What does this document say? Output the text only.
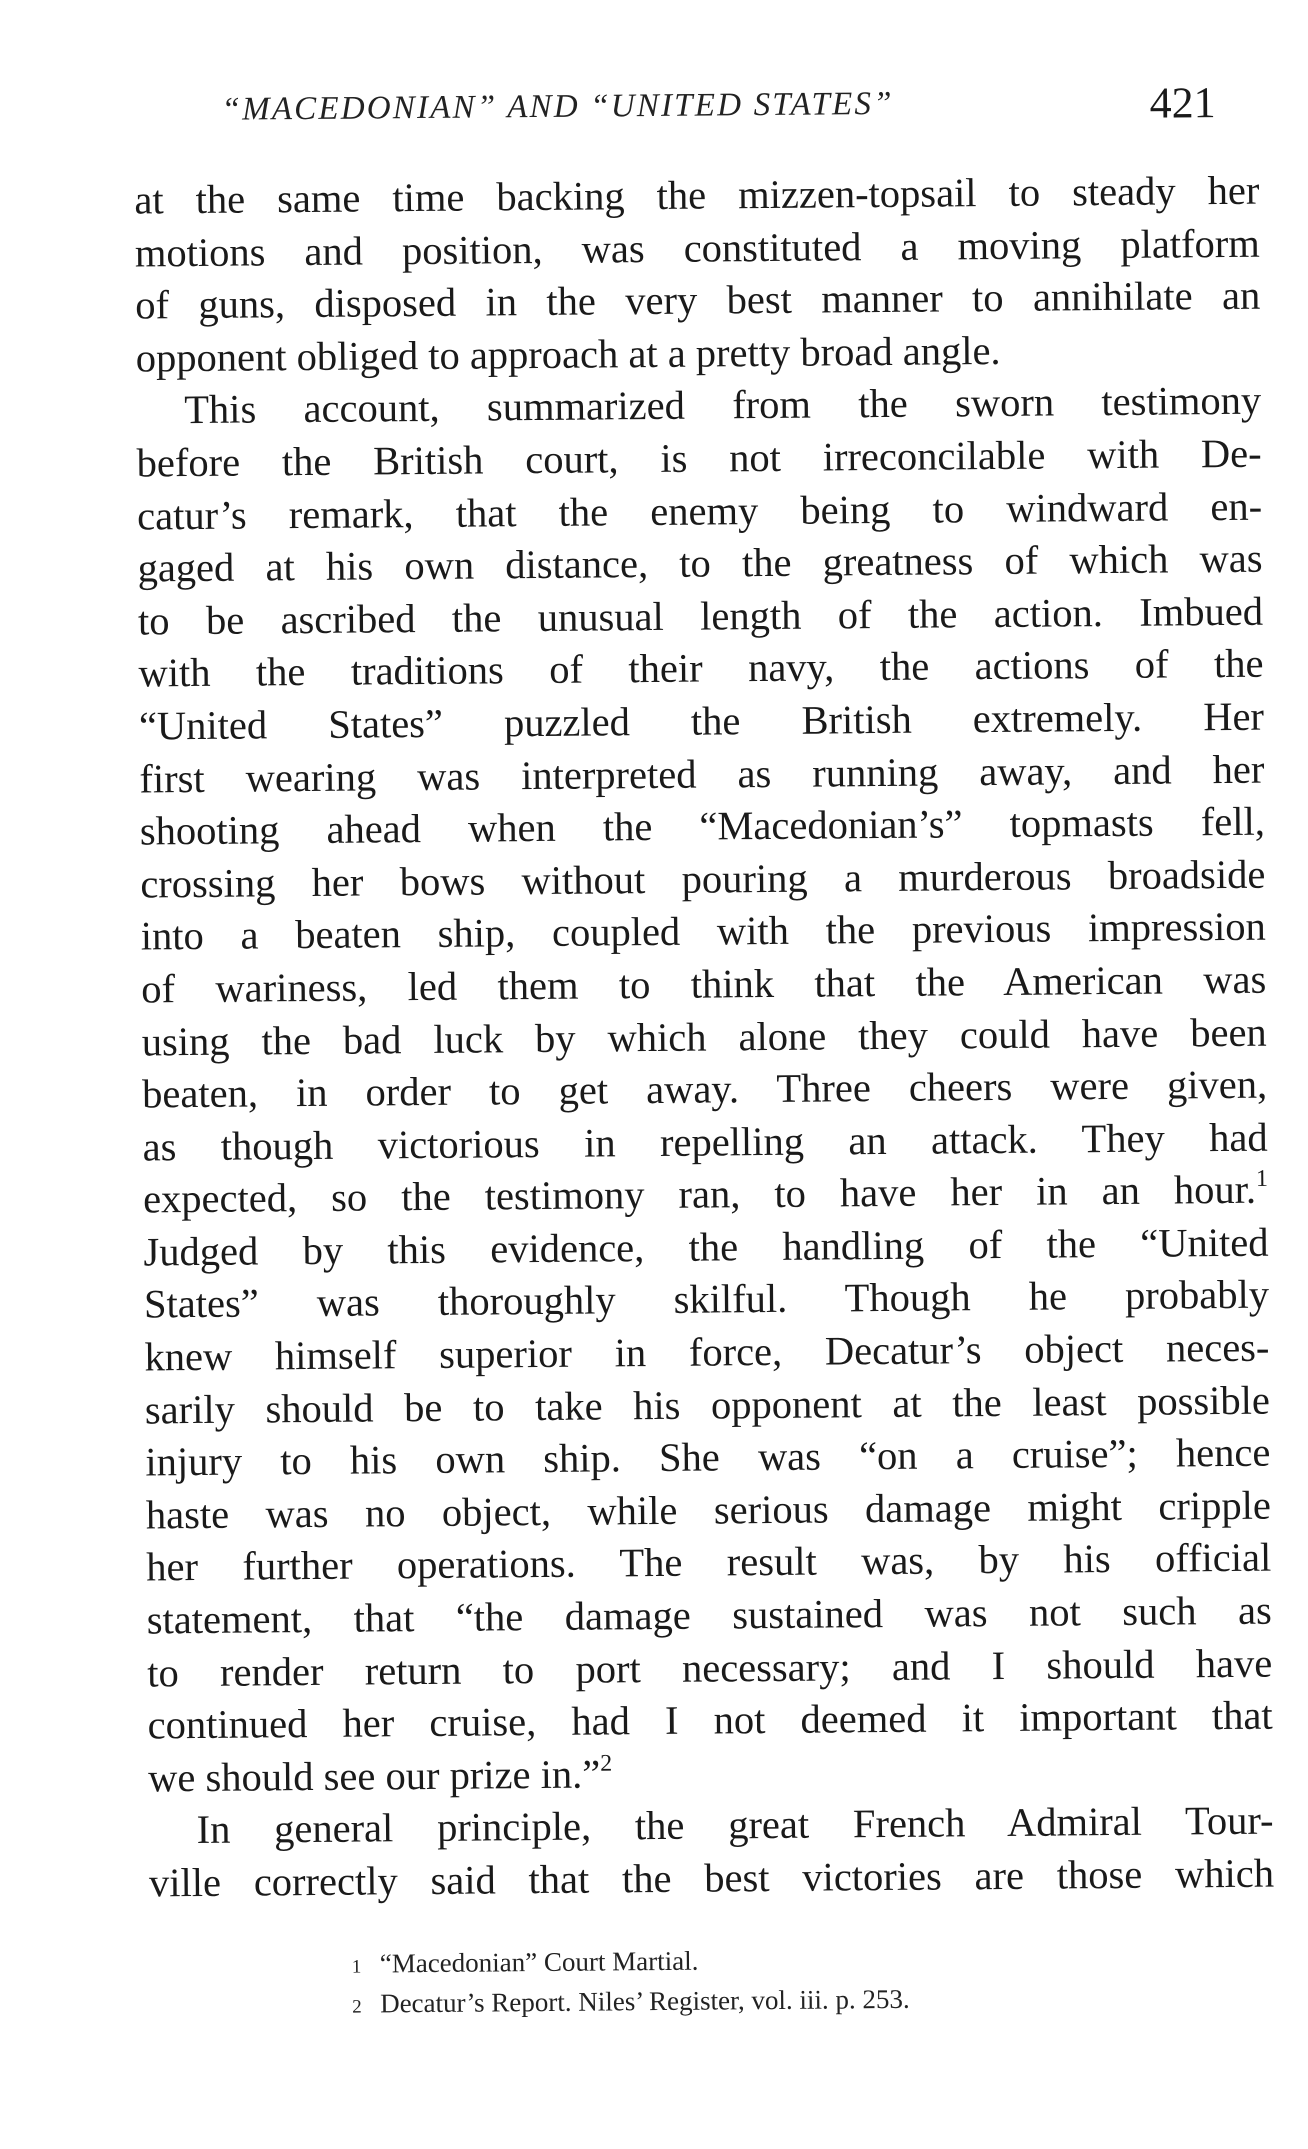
“MACEDONIAN” AND “UNITED STATES”	421
at the same time backing the mizzen-topsail to steady her
motions and position, was constituted a moving platform
of guns, disposed in the very best manner to annihilate an
opponent obliged to approach at a pretty broad angle.
This account, summarized from the sworn testimony
before the British court, is not irreconcilable with De-
catur’s remark, that the enemy being to windward en-
gaged at his own distance, to the greatness of which was
to be ascribed the unusual length of the action. Imbued
with the traditions of their navy, the actions of the
“United States” puzzled the British extremely. Her
first wearing was interpreted as running away, and her
shooting ahead when the “Macedonian’s” topmasts fell,
crossing her bows without pouring a murderous broadside
into a beaten ship, coupled with the previous impression
of wariness, led them to think that the American was
using the bad luck by which alone they could have been
beaten, in order to get away. Three cheers were given,
as though victorious in repelling an attack. They had
expected, so the testimony ran, to have her in an hour.$^1$
Judged by this evidence, the handling of the “United
States” was thoroughly skilful. Though he probably
knew himself superior in force, Decatur’s object neces-
sarily should be to take his opponent at the least possible
injury to his own ship. She was “on a cruise”; hence
haste was no object, while serious damage might cripple
her further operations. The result was, by his official
statement, that “the damage sustained was not such as
to render return to port necessary; and I should have
continued her cruise, had I not deemed it important that
we should see our prize in.”$^2$
In general principle, the great French Admiral Tour-
ville correctly said that the best victories are those which
1 “Macedonian” Court Martial.
2 Decatur’s Report. Niles’ Register, vol. iii. p. 253.
